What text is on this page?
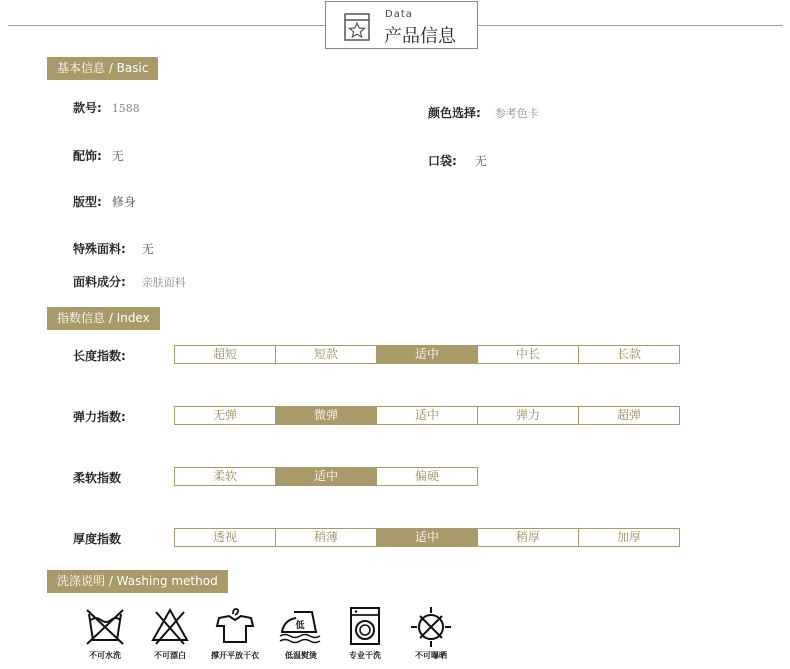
Data
产品信息
基本信息 / Basic
款号: 1588	颜色选择: 参考色卡
配饰: 无	口袋: 无
版型: 修身
特殊面料: 无
面料成分: 亲肤面料
指数信息 / Index
长度指数:	超短	短款	适中	中长	长款
弹力指数:	无弹	微弹	适中	弹力	超弹
柔软指数	柔软	适中	偏硬
厚度指数	透视	稍薄	适中	稍厚	加厚
洗涤说明 / Washing method
不可水洗	不可漂白	撑开平放干衣
低
低温熨烫	专业干洗	不可曝晒
